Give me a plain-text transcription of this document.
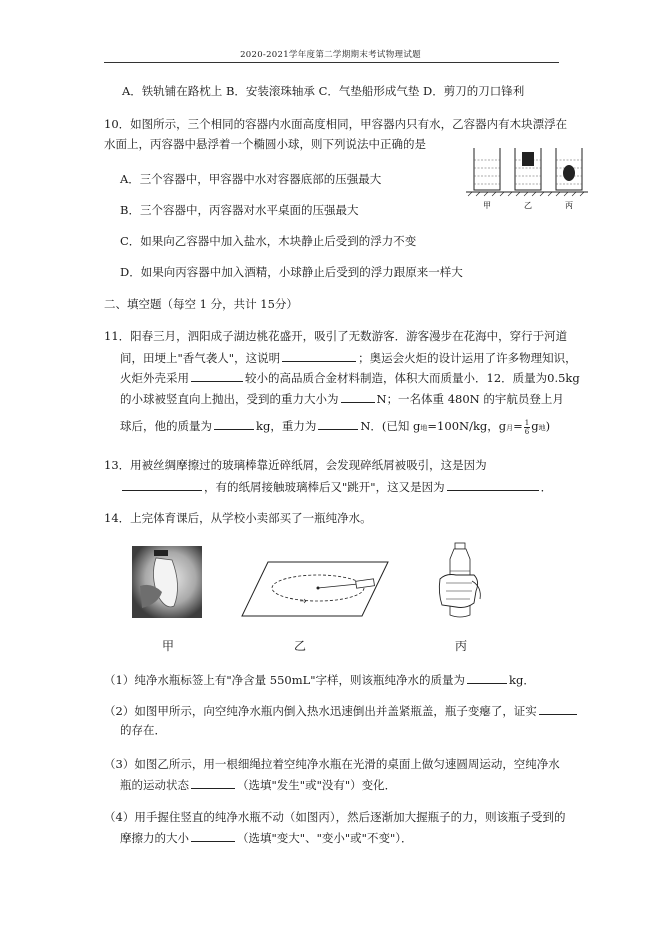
2020-2021学年度第二学期期末考试物理试题
A．铁轨铺在路枕上 B．安装滚珠轴承 C．气垫船形成气垫 D．剪刀的刀口锋利
10．如图所示，三个相同的容器内水面高度相同，甲容器内只有水，乙容器内有木块漂浮在
水面上，丙容器中悬浮着一个椭圆小球，则下列说法中正确的是
A．三个容器中，甲容器中水对容器底部的压强最大
B．三个容器中，丙容器对水平桌面的压强最大
C．如果向乙容器中加入盐水，木块静止后受到的浮力不变
D．如果向丙容器中加入酒精，小球静止后受到的浮力跟原来一样大
甲	乙	丙
二、填空题（每空 1 分，共计 15分）
11．阳春三月，泗阳成子湖边桃花盛开，吸引了无数游客．游客漫步在花海中，穿行于河道
间，田埂上"香气袭人"，这说明	；奥运会火炬的设计运用了许多物理知识，
火炬外壳采用	较小的高品质合金材料制造，体积大而质量小．12．质量为0.5kg
的小球被竖直向上抛出，受到的重力大小为	N；一名体重 480N 的宇航员登上月
球后，他的质量为	kg，重力为	N．(已知 g地=100N/kg，g月= $\frac{1}{6}$ g地)
13．用被丝绸摩擦过的玻璃棒靠近碎纸屑，会发现碎纸屑被吸引，这是因为
，有的纸屑接触玻璃棒后又"跳开"，这又是因为	．
14．上完体育课后，从学校小卖部买了一瓶纯净水。
甲	乙	丙
（1）纯净水瓶标签上有"净含量 550mL"字样，则该瓶纯净水的质量为	kg．
（2）如图甲所示，向空纯净水瓶内倒入热水迅速倒出并盖紧瓶盖，瓶子变瘪了，证实
的存在．
（3）如图乙所示，用一根细绳拉着空纯净水瓶在光滑的桌面上做匀速圆周运动，空纯净水
瓶的运动状态	（选填"发生"或"没有"）变化．
（4）用手握住竖直的纯净水瓶不动（如图丙），然后逐渐加大握瓶子的力，则该瓶子受到的
摩擦力的大小	（选填"变大"、"变小"或"不变"）．
